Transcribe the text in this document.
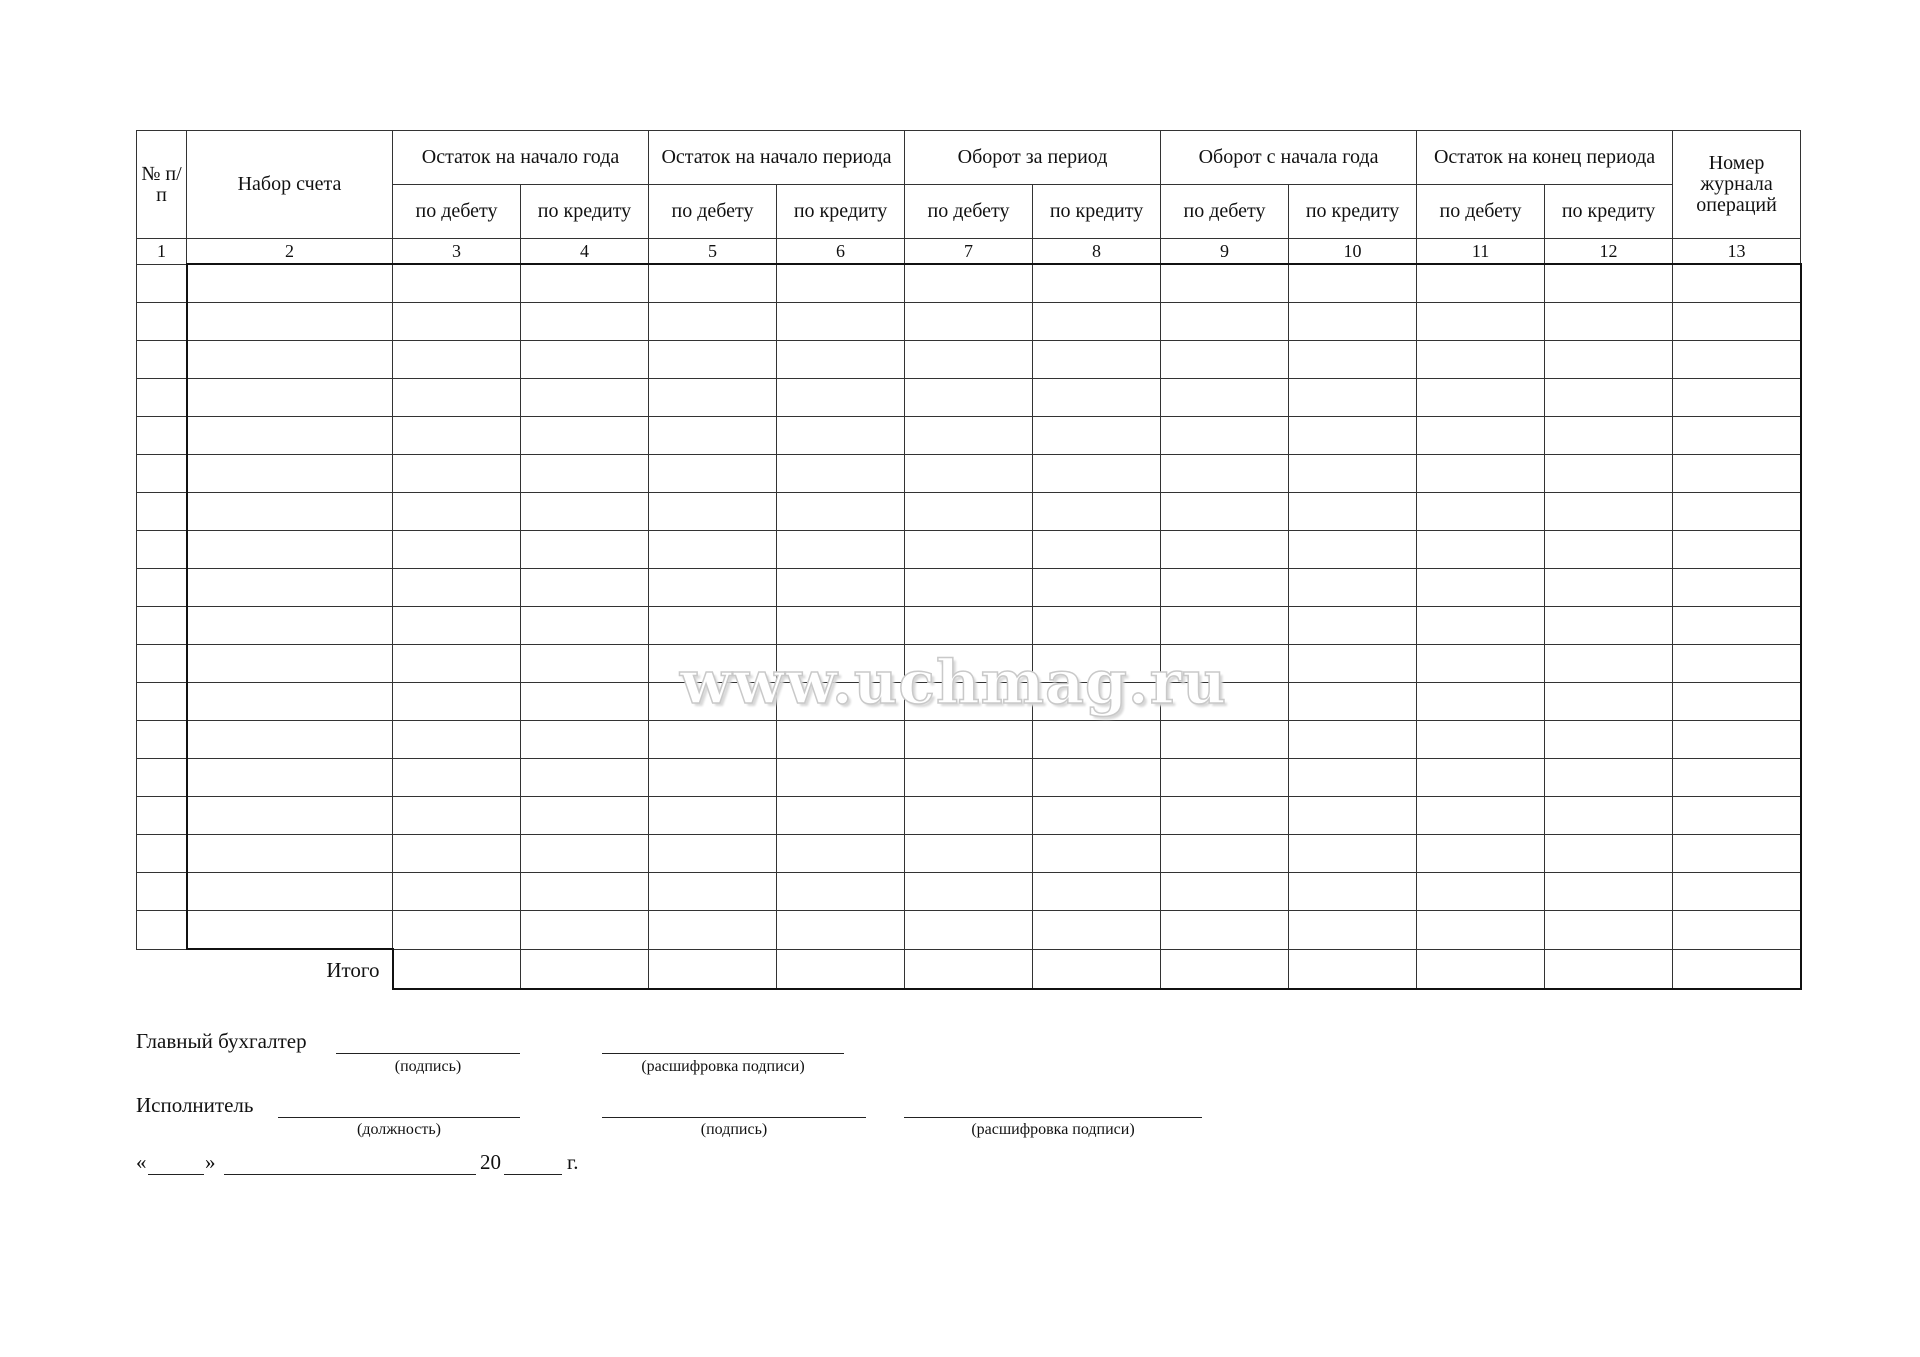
№ п/п	Набор счета	Остаток на начало года		Остаток на начало периода		Оборот за период		Оборот с начала года		Остаток на конец периода		Номер журнала операций
		по дебету	по кредиту	по дебету	по кредиту	по дебету	по кредиту	по дебету	по кредиту	по дебету	по кредиту	
1	2	3	4	5	6	7	8	9	10	11	12	13

Итого												
www.uchmag.ru
Главный бухгалтер
(подпись)	(расшифровка подписи)
Исполнитель
(должность)	(подпись)	(расшифровка подписи)
«	»	20	г.
